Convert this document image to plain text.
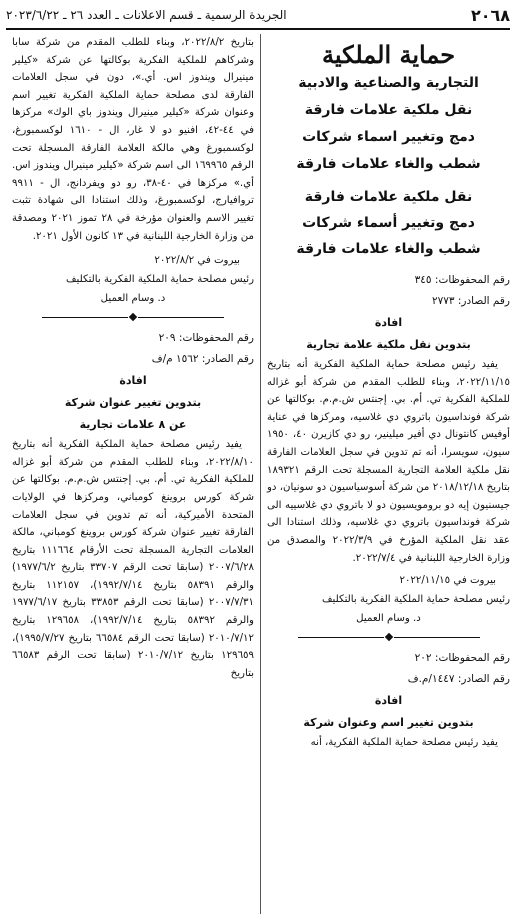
٢٠٦٨
الجريدة الرسمية ـ قسم الاعلانات ـ العدد ٢٦ ـ ٢٠٢٣/٦/٢٢
حماية الملكية
التجارية والصناعية والادبية
نقل ملكية علامات فارقة
دمج وتغيير اسماء شركات
شطب والغاء علامات فارقة
نقل ملكية علامات فارقة
دمج وتغيير أسماء شركات
شطب والغاء علامات فارقة
رقم المحفوظات: ٣٤٥
رقم الصادر: ٢٧٧٣
افادة
بتدوين نقل ملكية علامة تجارية

يفيد رئيس مصلحة حماية الملكية الفكرية أنه بتاريخ ٢٠٢٢/١١/١٥، وبناء للطلب المقدم من شركة أبو غزاله للملكية الفكرية تي. أم. بي. إجنتس ش.م.م. بوكالتها عن شركة فونداسيون باتروي دي غلاسيه، ومركزها في عناية أوفيس كانتونال دي أفير ميلينير، رو دي كازيرن ٤٠، ١٩٥٠ سيون، سويسرا، أنه تم تدوين في سجل العلامات الفارقة نقل ملكية العلامة التجارية المسجلة تحت الرقم ١٨٩٣٢١ بتاريخ ٢٠١٨/١٢/١٨ من شركة أسوسياسيون دو سونيان، دو جيسنيون إيه دو برومويسيون دو لا باتروي دي غلاسييه الى شركة فونداسيون باتروي دي غلاسيه، وذلك استنادا الى عقد نقل الملكية المؤرخ في ٢٠٢٢/٣/٩ والمصدق من وزارة الخارجية اللبنانية في ٢٠٢٢/٧/٤.

بيروت في ٢٠٢٢/١١/١٥
رئيس مصلحة حماية الملكية الفكرية بالتكليف
د. وسام العميل
رقم المحفوظات: ٢٠٢
رقم الصادر: ١٤٤٧/م.ف
افادة
بتدوين تغيير اسم وعنوان شركة

يفيد رئيس مصلحة حماية الملكية الفكرية، أنه

بتاريخ ٢٠٢٢/٨/٢، وبناء للطلب المقدم من شركة سابا وشركاهم للملكية الفكرية بوكالتها عن شركة «كيلير مينيرال ويندوز اس. أي.»، دون في سجل العلامات الفارقة لدى مصلحة حماية الملكية الفكرية تغيير اسم وعنوان شركة «كيلير مينيرال ويندوز باي الوك» مركزها في ٤٤-٤٢، افنيو دو لا غار، ال - ١٦١٠ لوكسمبورغ، لوكسمبورغ وهي مالكة العلامة الفارقة المسجلة تحت الرقم ١٦٩٩٦٥ الى اسم شركة «كيلير مينيرال ويندوز اس. أي.» مركزها في ٤٠-٣٨، رو دو ويفردانج، ال - ٩٩١١ تروافيارج، لوكسمبورغ، وذلك استنادا الى شهادة تثبت تغيير الاسم والعنوان مؤرخة في ٢٨ تموز ٢٠٢١ ومصدقة من وزارة الخارجية اللبنانية في ١٣ كانون الأول ٢٠٢١.

بيروت في ٢٠٢٢/٨/٢
رئيس مصلحة حماية الملكية الفكرية بالتكليف
د. وسام العميل
رقم المحفوظات: ٢٠٩
رقم الصادر: ١٥٦٢ م/ف
افادة
بتدوين تغيير عنوان شركة
عن ٨ علامات تجارية

يفيد رئيس مصلحة حماية الملكية الفكرية أنه بتاريخ ٢٠٢٢/٨/١٠، وبناء للطلب المقدم من شركة أبو غزاله للملكية الفكرية تي. أم. بي. إجنتس ش.م.م. بوكالتها عن شركة كورس بروينغ كومباني، ومركزها في الولايات المتحدة الأميركية، أنه تم تدوين في سجل العلامات الفارقة تغيير عنوان شركة كورس بروينغ كومباني، مالكة العلامات التجارية المسجلة تحت الأرقام ١١١٦٦٤ بتاريخ ٢٠٠٧/٦/٢٨ (سابقا تحت الرقم ٣٣٧٠٧ بتاريخ ١٩٧٧/٦/٢) والرقم ٥٨٣٩١ بتاريخ ١٩٩٢/٧/١٤)، ١١٢١٥٧ بتاريخ ٢٠٠٧/٧/٣١ (سابقا تحت الرقم ٣٣٨٥٣ بتاريخ ١٩٧٧/٦/١٧ والرقم ٥٨٣٩٢ بتاريخ ١٩٩٢/٧/١٤)، ١٢٩٦٥٨ بتاريخ ٢٠١٠/٧/١٢ (سابقا تحت الرقم ٦٦٥٨٤ بتاريخ ١٩٩٥/٧/٢٧)، ١٢٩٦٥٩ بتاريخ ٢٠١٠/٧/١٢ (سابقا تحت الرقم ٦٦٥٨٣ بتاريخ
